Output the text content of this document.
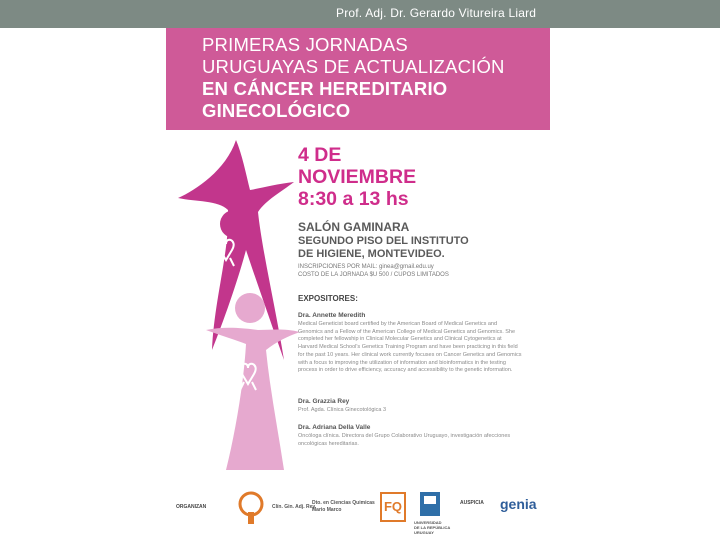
Prof. Adj. Dr. Gerardo Vitureira Liard
PRIMERAS JORNADAS
URUGUAYAS DE ACTUALIZACIÓN
EN CÁNCER HEREDITARIO
GINECOLÓGICO
4 DE
NOVIEMBRE
8:30 a 13 hs
SALÓN GAMINARA
SEGUNDO PISO DEL INSTITUTO
DE HIGIENE, MONTEVIDEO.
INSCRIPCIONES POR MAIL: ginea@gmail.edu.uy
COSTO DE LA JORNADA $U 500 / CUPOS LIMITADOS
EXPOSITORES:
Dra. Annette Meredith
Medical Geneticist board certified by the American Board of Medical Genetics and Genomics and a Fellow of the American College of Medical Genetics and Genomics. She completed her fellowship in Clinical Molecular Genetics and Clinical Cytogenetics at Harvard Medical School's Genetics Training Program and have been practicing in this field for the past 10 years. Her clinical work currently focuses on Cancer Genetics and Genomics with a focus to improving the utilization of information and bioinformatics in the testing process in order to drive efficiency, accuracy and accessibility to the genetic information.
Dra. Grazzia Rey
Prof. Agda. Clínica Ginecotológica 3
Dra. Adriana Della Valle
Oncóloga clínica. Directora del Grupo Colaborativo Uruguayo, investigación afecciones oncológicas hereditarias.
ORGANIZAN	Clín. Gin. Adj. Rey
Dto. en Ciencias Quimicas
Mario Marco	FQ
UNIVERSIDAD
DE LA REPÚBLICA
URUGUAY
AUSPICIA genia
